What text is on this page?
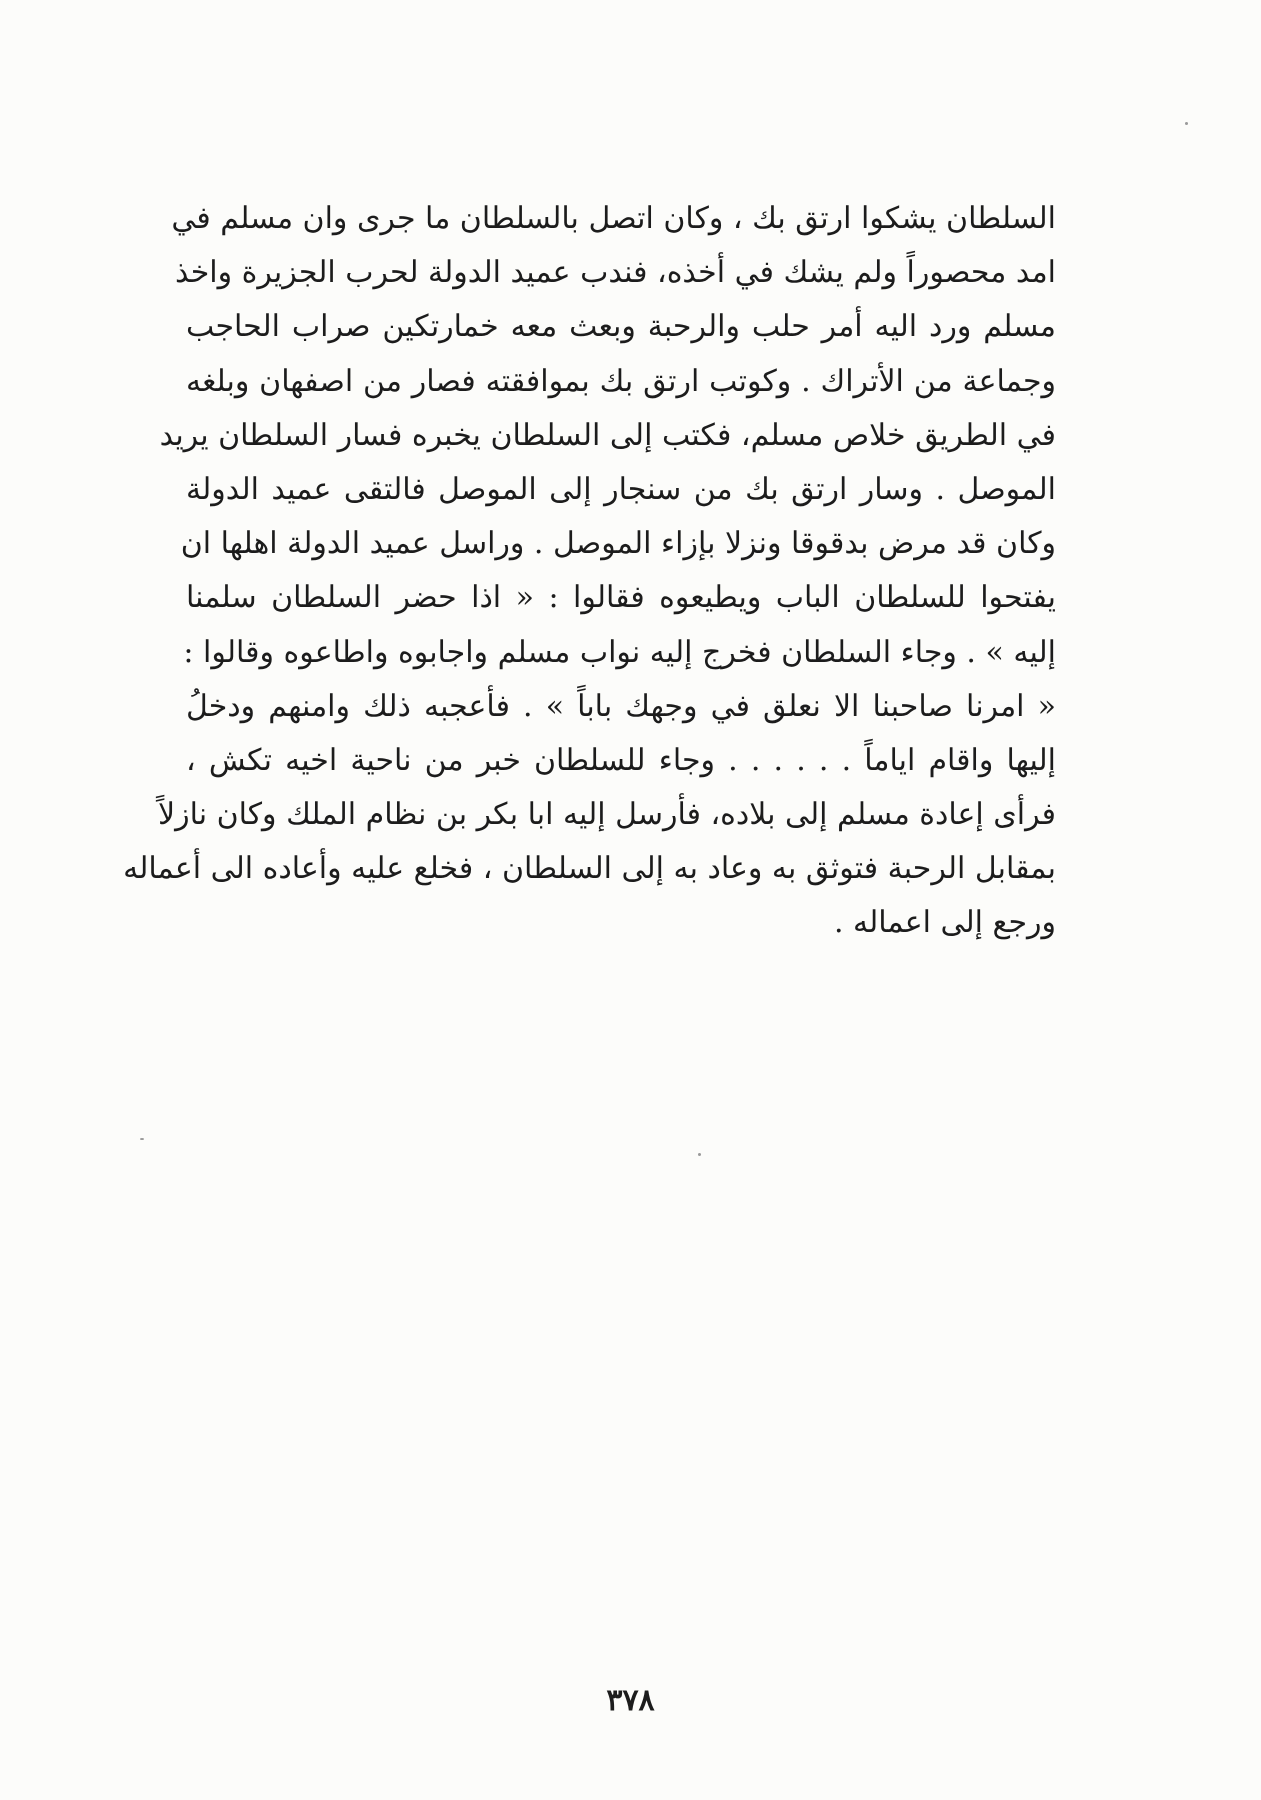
السلطان يشكوا ارتق بك ، وكان اتصل بالسلطان ما جرى وان مسلم في
امد محصوراً ولم يشك في أخذه، فندب عميد الدولة لحرب الجزيرة واخذ
مسلم ورد اليه أمر حلب والرحبة وبعث معه خمارتكين صراب الحاجب
وجماعة من الأتراك . وكوتب ارتق بك بموافقته فصار من اصفهان وبلغه
في الطريق خلاص مسلم، فكتب إلى السلطان يخبره فسار السلطان يريد
الموصل . وسار ارتق بك من سنجار إلى الموصل فالتقى عميد الدولة
وكان قد مرض بدقوقا ونزلا بإزاء الموصل . وراسل عميد الدولة اهلها ان
يفتحوا للسلطان الباب ويطيعوه فقالوا : « اذا حضر السلطان سلمنا
إليه » . وجاء السلطان فخرج إليه نواب مسلم واجابوه واطاعوه وقالوا :
« امرنا صاحبنا الا نعلق في وجهك باباً » . فأعجبه ذلك وامنهم ودخلُ
إليها واقام اياماً . . . . . . وجاء للسلطان خبر من ناحية اخيه تكش ،
فرأى إعادة مسلم إلى بلاده، فأرسل إليه ابا بكر بن نظام الملك وكان نازلاً
بمقابل الرحبة فتوثق به وعاد به إلى السلطان ، فخلع عليه وأعاده الى أعماله
ورجع إلى اعماله .
٣٧٨
